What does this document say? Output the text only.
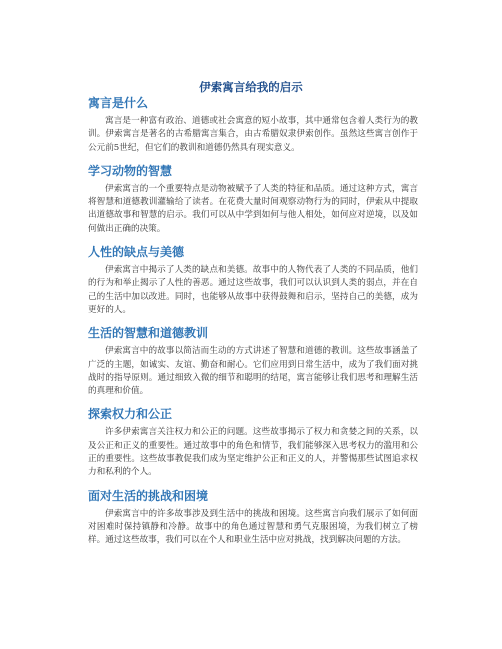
伊索寓言给我的启示
寓言是什么

寓言是一种富有政治、道德或社会寓意的短小故事，其中通常包含着人类行为的教训。伊索寓言是著名的古希腊寓言集合，由古希腊奴隶伊索创作。虽然这些寓言创作于公元前5世纪，但它们的教训和道德仍然具有现实意义。

学习动物的智慧

伊索寓言的一个重要特点是动物被赋予了人类的特征和品质。通过这种方式，寓言将智慧和道德教训灌输给了读者。在花费大量时间观察动物行为的同时，伊索从中提取出道德故事和智慧的启示。我们可以从中学到如何与他人相处，如何应对逆境，以及如何做出正确的决策。

人性的缺点与美德

伊索寓言中揭示了人类的缺点和美德。故事中的人物代表了人类的不同品质，他们的行为和举止揭示了人性的善恶。通过这些故事，我们可以认识到人类的弱点，并在自己的生活中加以改进。同时，也能够从故事中获得鼓舞和启示，坚持自己的美德，成为更好的人。

生活的智慧和道德教训

伊索寓言中的故事以简洁而生动的方式讲述了智慧和道德的教训。这些故事涵盖了广泛的主题，如诚实、友谊、勤奋和耐心。它们应用到日常生活中，成为了我们面对挑战时的指导原则。通过细致入微的细节和聪明的结尾，寓言能够让我们思考和理解生活的真理和价值。

探索权力和公正

许多伊索寓言关注权力和公正的问题。这些故事揭示了权力和贪婪之间的关系，以及公正和正义的重要性。通过故事中的角色和情节，我们能够深入思考权力的滥用和公正的重要性。这些故事教促我们成为坚定维护公正和正义的人，并警惕那些试图追求权力和私利的个人。

面对生活的挑战和困境

伊索寓言中的许多故事涉及到生活中的挑战和困境。这些寓言向我们展示了如何面对困难时保持镇静和冷静。故事中的角色通过智慧和勇气克服困境，为我们树立了榜样。通过这些故事，我们可以在个人和职业生活中应对挑战，找到解决问题的方法。
